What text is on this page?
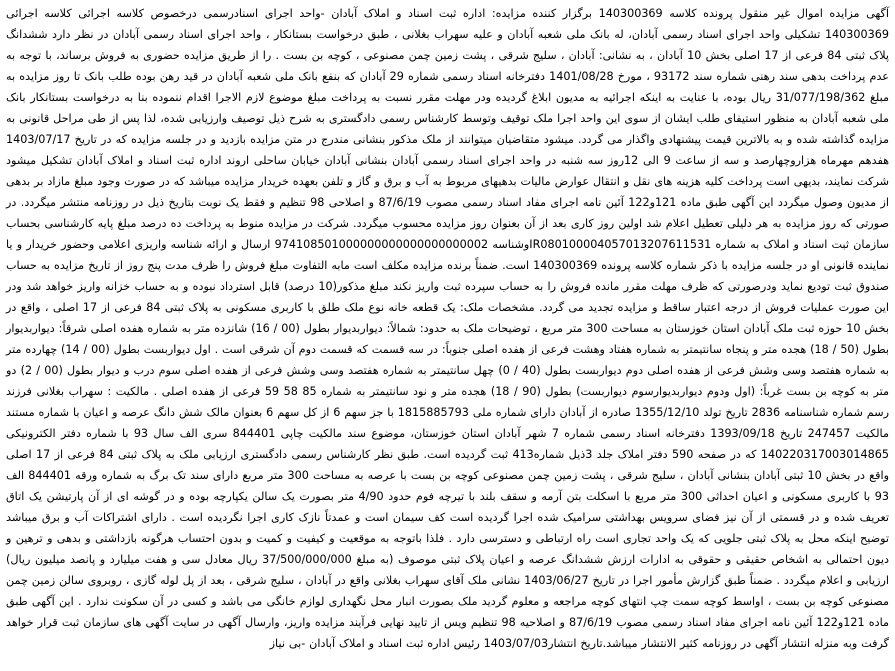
آگهی مزایده اموال غیر منقول پرونده کلاسه 140300369 برگزار کننده مزایده: اداره ثبت اسناد و املاک آبادان -واحد اجرای اسنادرسمی درخصوص کلاسه اجرائی کلاسه اجرائی 140300369 تشکیلی واحد اجرای اسناد رسمی آبادان، له بانک ملی شعبه آبادان و علیه سهراب بغلانی ، طبق درخواست بستانکار ، واحد اجرای اسناد رسمی آبادان در نظر دارد ششدانگ پلاک ثبتی 84 فرعی از 17 اصلی بخش 10 آبادان ، به نشانی: آبادان ، سلیج شرقی ، پشت زمین چمن مصنوعی ، کوچه بن بست . را از طریق مزایده حضوری به فروش برساند، با توجه به عدم پرداخت بدهی سند رهنی شماره سند 93172 ، مورخ 1401/08/28 دفترخانه اسناد رسمی شماره 29 آبادان که بنفع بانک ملی شعبه آبادان در قید رهن بوده طلب بانک تا روز مزایده به مبلغ 31/077/198/362 ریال بوده، با عنایت به اینکه اجرائیه به مدیون ابلاغ گردیده ودر مهلت مقرر نسبت به پرداخت مبلغ موضوع لازم الاجرا اقدام ننموده بنا به درخواست بستانکار بانک ملی شعبه آبادان به منظور استیفای طلب ایشان از سوی این واحد اجرا ملک توقیف وتوسط کارشناس رسمی دادگستری به شرح ذیل توصیف وارزیابی شده، لذا پس از طی مراحل قانونی به مزایده گذاشته شده و به بالاترین قیمت پیشنهادی واگذار می گردد. میشود متقاضیان میتوانند از ملک مذکور بنشانی مندرج در متن مزایده بازدید و در جلسه مزایده که در تاریخ 1403/07/17 هفدهم مهرماه هزاروچهارصد و سه از ساعت 9 الی 12روز سه شنبه در واحد اجرای اسناد رسمی آبادان بنشانی آبادان خیابان ساحلی اروند اداره ثبت اسناد و املاک آبادان تشکیل میشود شرکت نمایند، بدیهی است پرداخت کلیه هزینه های نقل و انتقال عوارض مالیات بدهیهای مربوط به آب و برق و گاز و تلفن بعهده خریدار مزایده میباشد که در صورت وجود مبلغ مازاد بر بدهی از مدیون وصول میگردد این آگهی طبق ماده 121و122 آئین نامه اجرای مفاد اسناد رسمی مصوب 87/6/19 و اصلاحی 98 تنظیم و فقط یک نوبت بتاریخ ذیل در روزنامه منتشر میگردد. در صورتی که روز مزایده به هر دلیلی تعطیل اعلام شد اولین روز کاری بعد از آن بعنوان روز مزایده محسوب میگردد. شرکت در مزایده منوط به پرداخت ده درصد مبلغ پایه کارشناسی بحساب سازمان ثبت اسناد و املاک به شماره IR080100004057013207611531وشناسه 974108501000000000000000000002 ارسال و ارائه شناسه واریزی اعلامی وحضور خریدار و یا نماینده قانونی او در جلسه مزایده با ذکر شماره کلاسه پرونده 140300369 است. ضمناً برنده مزایده مکلف است مابه التفاوت مبلغ فروش را ظرف مدت پنج روز از تاریخ مزایده به حساب صندوق ثبت تودیع نماید ودرصورتی که ظرف مهلت مقرر مانده فروش را به حساب سپرده ثبت واریز نکند مبلغ مذکور(10 درصد) قابل استرداد نبوده و به حساب خزانه واریز خواهد شد ودر این صورت عملیات فروش از درجه اعتبار ساقط و مزایده تجدید می گردد. مشخصات ملک: یک قطعه خانه نوع ملک طلق با کاربری مسکونی به پلاک ثبتی 84 فرعی از 17 اصلی ، واقع در بخش 10 حوزه ثبت ملک آبادان استان خوزستان به مساحت 300 متر مربع ، توضیحات ملک به حدود: شمالاً: دیواربدیوار بطول (00 / 16) شانزده متر به شماره هفده اصلی شرقاً: دیواربدیوار بطول (50 / 18) هجده متر و پنجاه سانتیمتر به شماره هفتاد وهشت فرعی از هفده اصلی جنوباً: در سه قسمت که قسمت دوم آن شرقی است . اول دیواربست بطول (00 / 14) چهارده متر به شماره هفتصد وسی وشش فرعی از هفده اصلی دوم دیواربست بطول (40 / 0) چهل سانتیمتر به شماره هفتصد وسی وشش فرعی از هفده اصلی سوم درب و دیوار بطول (00 / 2) دو متر به کوچه بن بست غرباً: (اول ودوم دیواربدیوارسوم دیواربست) بطول (90 / 18) هجده متر و نود سانتیمتر به شماره 85 58 59 فرعی از هفده اصلی . مالکیت : سهراب بغلانی فرزند رسم شماره شناسنامه 2836 تاریخ تولد 1355/12/10 صادره از آبادان دارای شماره ملی 1815885793 با جز سهم 6 از کل سهم 6 بعنوان مالک شش دانگ عرصه و اعیان با شماره مستند مالکیت 247457 تاریخ 1393/09/18 دفترخانه اسناد رسمی شماره 7 شهر آبادان استان خوزستان، موضوع سند مالکیت چاپی 844401 سری الف سال 93 با شماره دفتر الکترونیکی 140220317003014865 که در صفحه 590 دفتر املاک جلد 3ذیل شماره413 ثبت گردیده است. طبق نظر کارشناس رسمی دادگستری ارزیابی ملک به پلاک ثبتی 84 فرعی از 17 اصلی واقع در بخش 10 ثبتی آبادان بنشانی آبادان ، سلیج شرقی ، پشت زمین چمن مصنوعی کوچه بن بست با عرصه به مساحت 300 متر مربع دارای سند تک برگ به شماره ورقه 844401 الف 93 با کاربری مسکونی و اعیان احداثی 300 متر مربع با اسکلت بتن آرمه و سقف بلند با تیرچه فوم حدود 4/90 متر بصورت یک سالن یکپارچه بوده و در گوشه ای از آن پارتیشن یک اتاق تعریف شده و در قسمتی از آن نیز فضای سرویس بهداشتی سرامیک شده اجرا گردیده است کف سیمان است و عمدتاً نازک کاری اجرا نگردیده است . دارای اشتراکات آب و برق میباشد توضیح اینکه محل به پلاک ثبتی جلویی که یک واحد تجاری است راه ارتباطی و دسترسی دارد . فلذا باتوجه به موقعیت و کیفیت و کمیت و بدون احتساب هرگونه بازداشتی و بدهی و ترهین و دیون احتمالی به اشخاص حقیقی و حقوقی به ادارات ارزش ششدانگ عرصه و اعیان پلاک ثبتی موصوف (به مبلغ 37/500/000/000 ریال معادل سی و هفت میلیارد و پانصد میلیون ریال) ارزیابی و اعلام میگردد . ضمناً طبق گزارش مأمور اجرا در تاریخ 1403/06/27 نشانی ملک آقای سهراب بغلانی واقع در آبادان ، سلیج شرقی ، بعد از پل لوله گازی ، روبروی سالن زمین چمن مصنوعی کوچه بن بست ، اواسط کوچه سمت چپ انتهای کوچه مراجعه و معلوم گردید ملک بصورت انبار محل نگهداری لوازم خانگی می باشد و کسی در آن سکونت ندارد . این آگهی طبق ماده 121و122 آئین نامه اجرای مفاد اسناد رسمی مصوب 87/6/19 و اصلاحیه 98 تنظیم ویس از تایید نهایی فرآیند مزایده واریز، وارسال آگهی در سایت آگهی های سازمان ثبت قرار خواهد گرفت وبه منزله انتشار آگهی در روزنامه کثیر الانتشار میباشد.تاریخ انتشار1403/07/03 رئیس اداره ثبت اسناد و املاک آبادان -بی نیاز
